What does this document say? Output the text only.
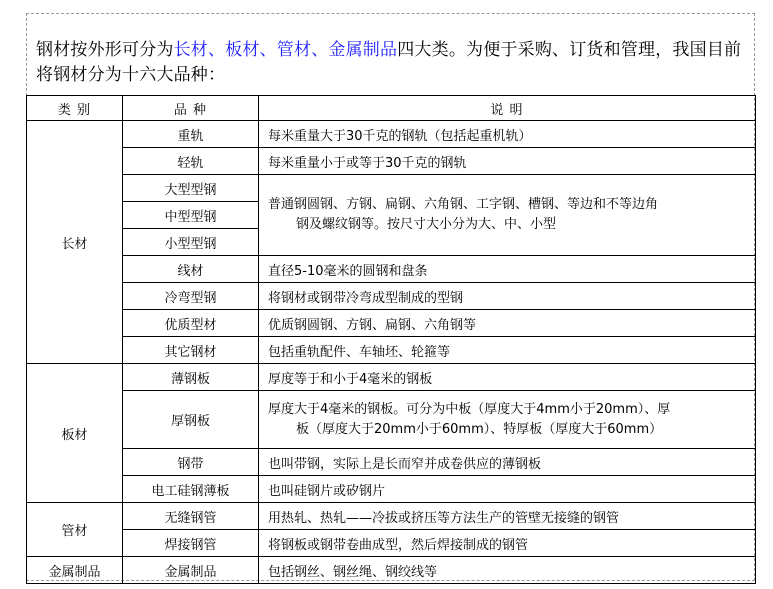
钢材按外形可分为长材、板材、管材、金属制品四大类。为便于采购、订货和管理，我国目前将钢材分为十六大品种：
类 别	品 种	说 明
长材	重轨	每米重量大于30千克的钢轨（包括起重机轨）
	轻轨	每米重量小于或等于30千克的钢轨
	大型型钢	普通钢圆钢、方钢、扁钢、六角钢、工字钢、槽钢、等边和不等边角
钢及螺纹钢等。按尺寸大小分为大、中、小型

	中型型钢	
	小型型钢	
	线材	直径5-10毫米的圆钢和盘条
	冷弯型钢	将钢材或钢带冷弯成型制成的型钢
	优质型材	优质钢圆钢、方钢、扁钢、六角钢等
	其它钢材	包括重轨配件、车轴坯、轮箍等
板材	薄钢板	厚度等于和小于4毫米的钢板
	厚钢板	厚度大于4毫米的钢板。可分为中板（厚度大于4mm小于20mm）、厚
板（厚度大于20mm小于60mm）、特厚板（厚度大于60mm）

	钢带	也叫带钢，实际上是长而窄并成卷供应的薄钢板
	电工硅钢薄板	也叫硅钢片或矽钢片
管材	无缝钢管	用热轧、热轧——冷拔或挤压等方法生产的管壁无接缝的钢管
	焊接钢管	将钢板或钢带卷曲成型，然后焊接制成的钢管
金属制品	金属制品	包括钢丝、钢丝绳、钢绞线等
